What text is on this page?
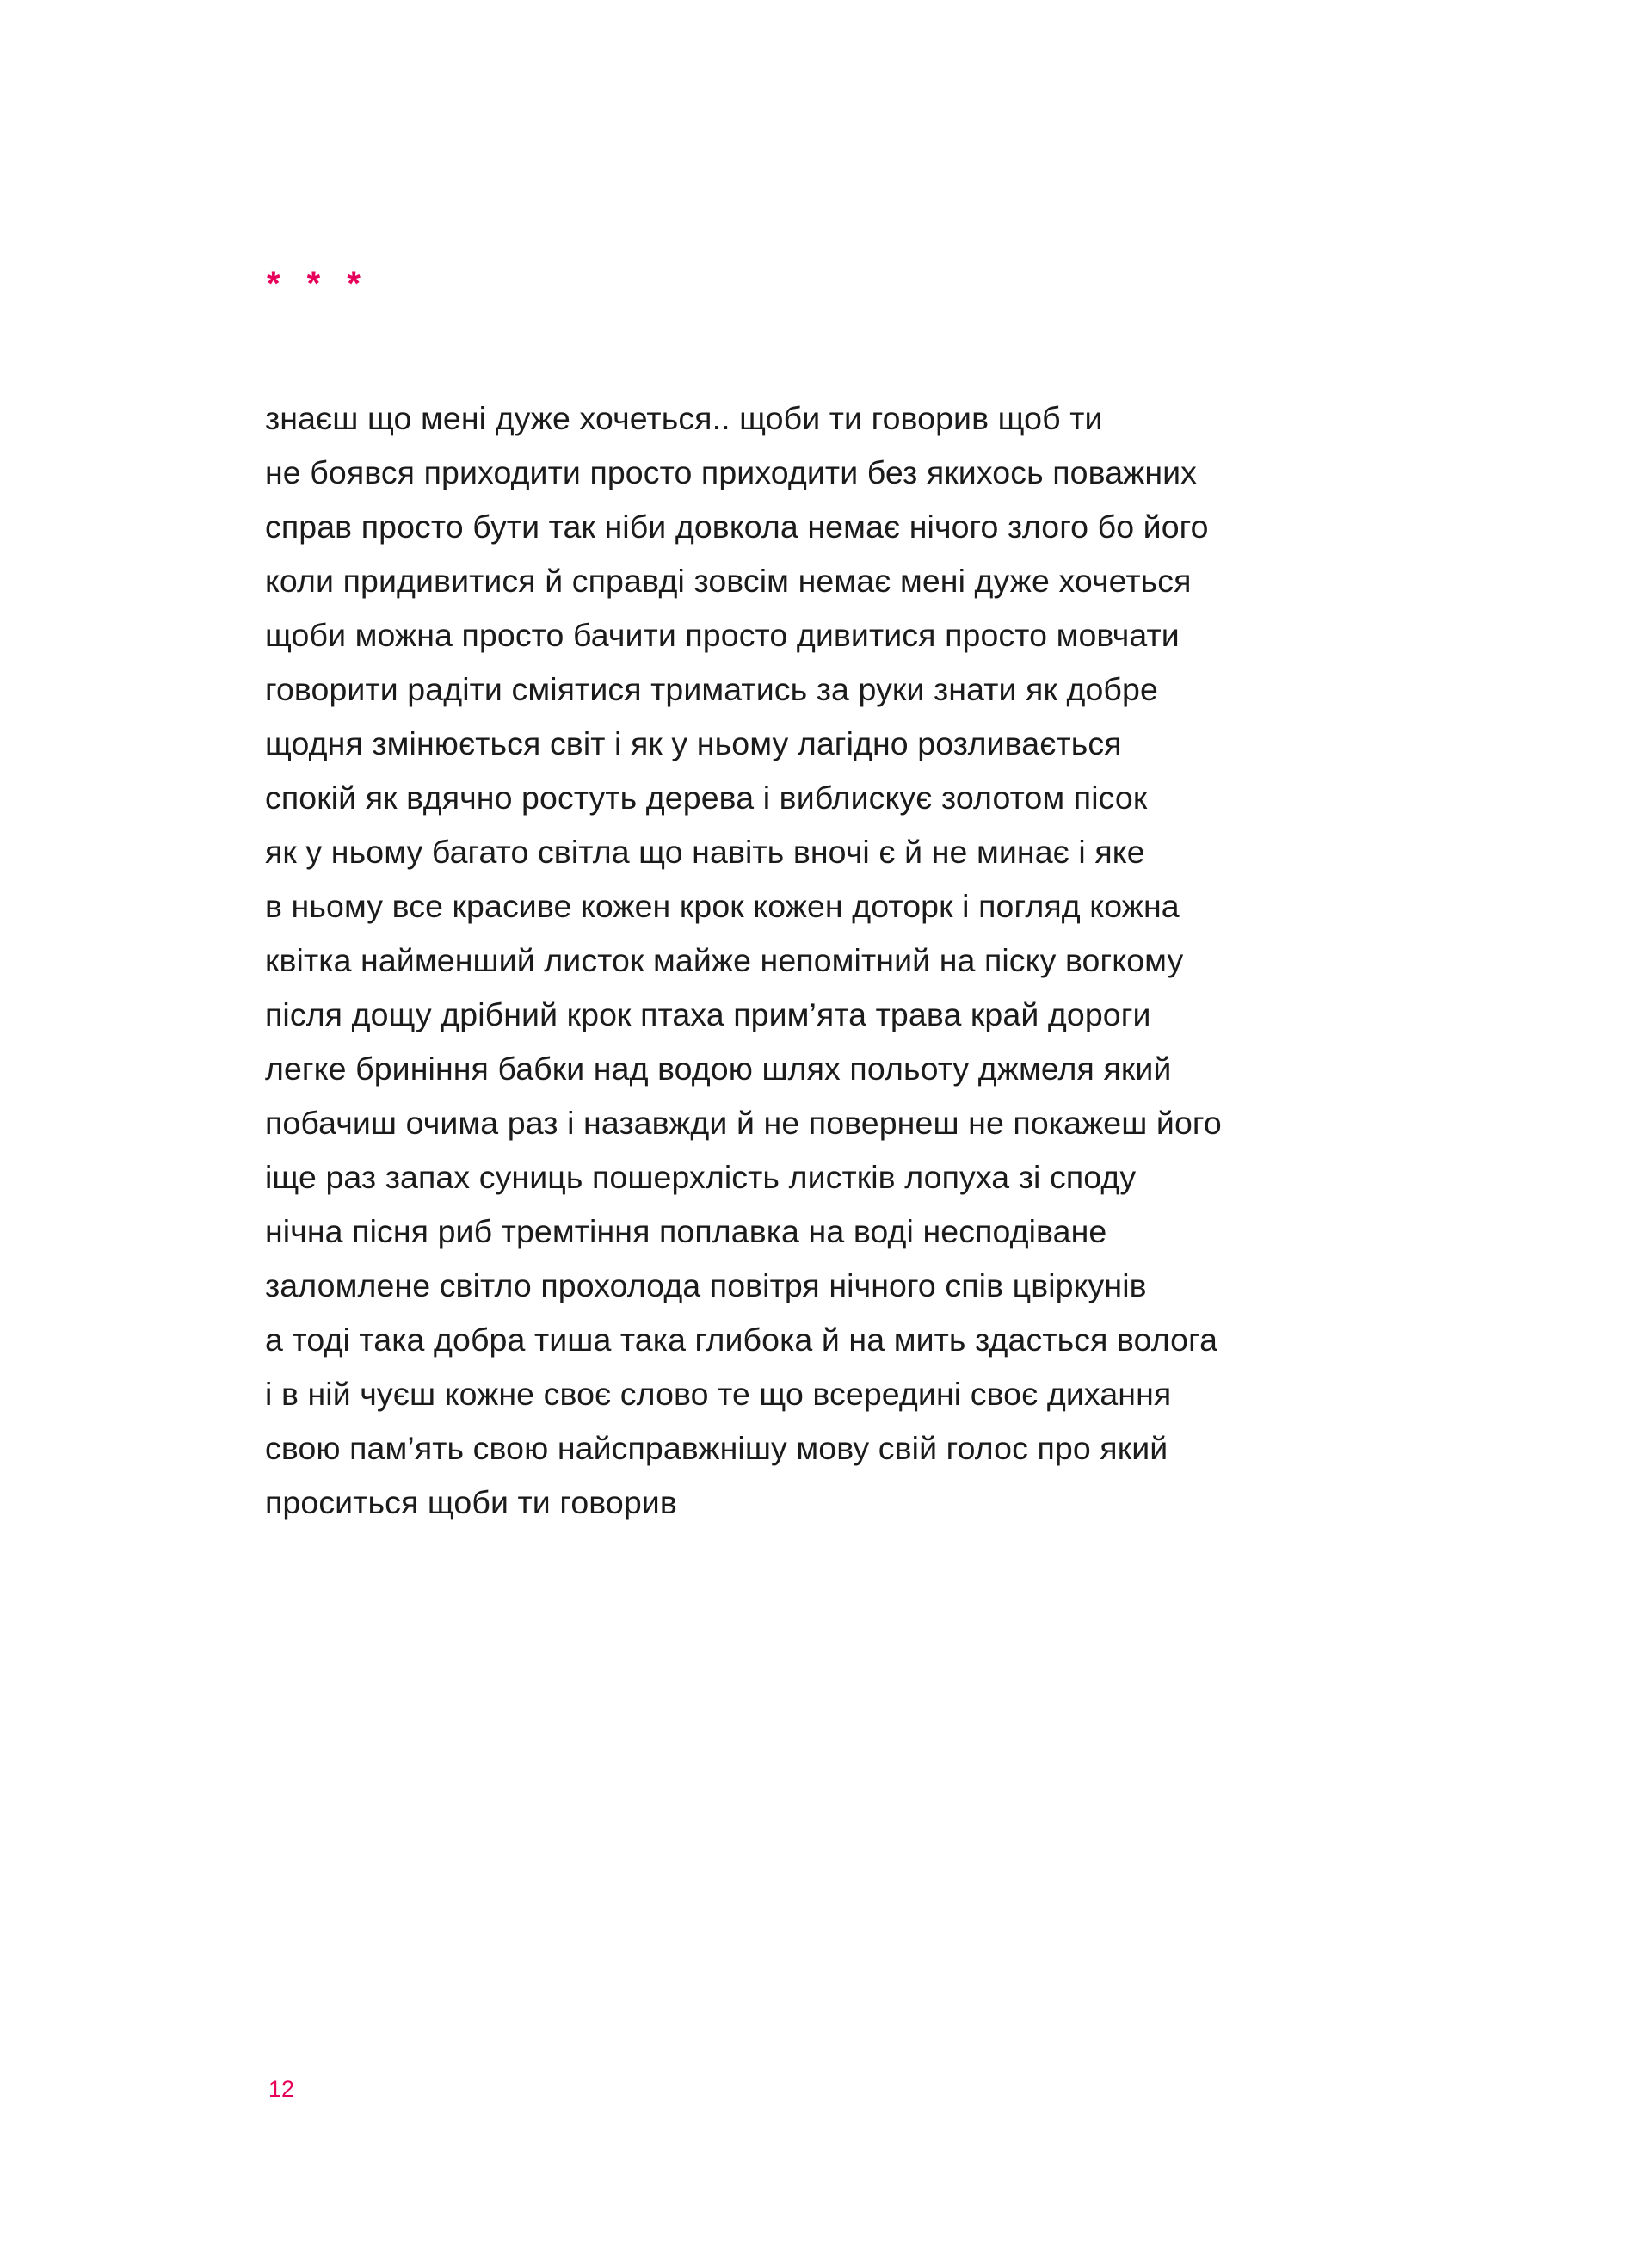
* * *
знаєш що мені дуже хочеться.. щоби ти говорив щоб ти
не боявся приходити просто приходити без якихось поважних
справ просто бути так ніби довкола немає нічого злого бо його
коли придивитися й справді зовсім немає мені дуже хочеться
щоби можна просто бачити просто дивитися просто мовчати
говорити радіти сміятися триматись за руки знати як добре
щодня змінюється світ і як у ньому лагідно розливається
спокій як вдячно ростуть дерева і виблискує золотом пісок
як у ньому багато світла що навіть вночі є й не минає і яке
в ньому все красиве кожен крок кожен доторк і погляд кожна
квітка найменший листок майже непомітний на піску вогкому
після дощу дрібний крок птаха прим’ята трава край дороги
легке бриніння бабки над водою шлях польоту джмеля який
побачиш очима раз і назавжди й не повернеш не покажеш його
іще раз запах суниць пошерхлість листків лопуха зі споду
нічна пісня риб тремтіння поплавка на воді несподіване
заломлене світло прохолода повітря нічного спів цвіркунів
а тоді така добра тиша така глибока й на мить здасться волога
і в ній чуєш кожне своє слово те що всередині своє дихання
свою пам’ять свою найсправжнішу мову свій голос про який
проситься щоби ти говорив
12
